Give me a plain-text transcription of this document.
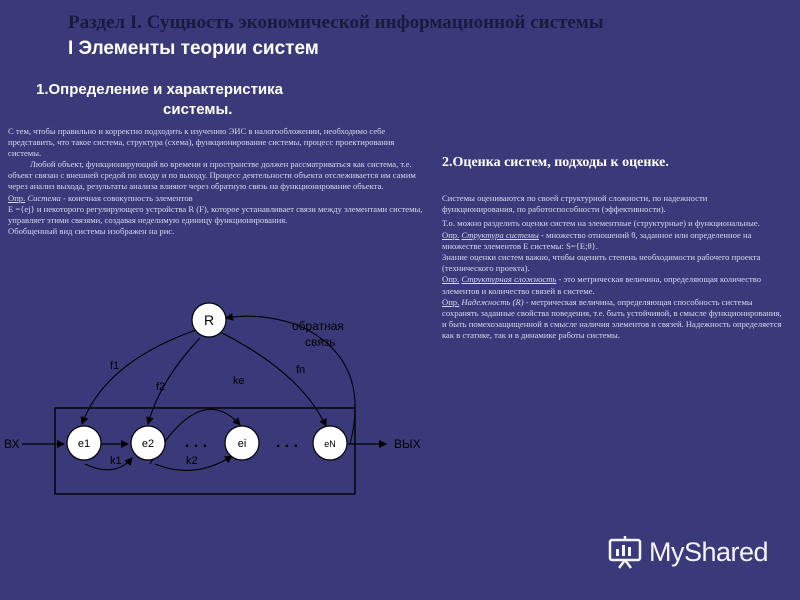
Раздел I. Сущность экономической информационной системы
I Элементы теории систем
1.Определение и характеристика
системы.

С тем, чтобы правильно и корректно подходить к изучению ЭИС в налогообложении, необходимо себе представить, что такое система, структура (схема), функционирование системы, процесс проектирования системы.

Любой объект, функционирующий во времени и пространстве должен рассматриваться как система, т.е. объект связан с внешней средой по входу и по выходу. Процесс деятельности объекта отслеживается им самим через анализ выхода, результаты анализа влияют через обратную связь на функционирование объекта.

Опр. Система - конечная совокупность элементов

E ={ej} и некоторого регулирующего устройства R (F), которое устанавливает связи между элементами системы, управляет этими связями, создавая неделимую единицу функционирования.

Обобщенный вид системы изображен на рис.

R
e1	e2	ei	eN
. . .	. . .
обратная
связь
f1
f2	ke
fn
k1	k2
ВХ	ВЫХ
2.Оценка систем, подходы к оценке.

Системы оцениваются по своей структурной сложности, по надежности функционирования, по работоспособности (эффективности).

Т.о. можно разделить оценки систем на элементные (структурные) и функциональные.

Опр. Структура системы - множество отношений θ, заданное или определенное на множестве элементов Е системы: S={E;θ}.

Знание оценки систем важно, чтобы оценить степень необходимости рабочего проекта (технического проекта).

Опр. Структурная сложность - это метрическая величина, определяющая количество элементов и количество связей в системе.

Опр. Надежность (R) - метрическая величина, определяющая способность системы сохранять заданные свойства поведения, т.е. быть устойчивой, в смысле функционирования, и быть помехозащищенной в смысле наличия элементов и связей. Надежность определяется как в статике, так и в динамике работы системы.

MyShared
